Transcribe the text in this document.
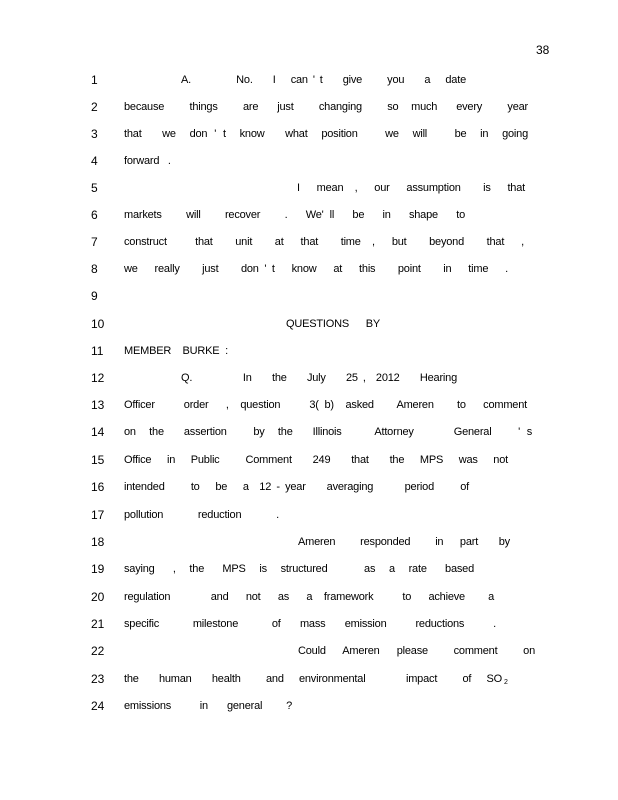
38
1	A.         No.    I   can ' t    give     you    a   date
2	because    things    are   just    changing    so  much   every    year
3	that   we  don ' t  know   what  position    we  will    be  in  going
4	forward   .
5	I   mean  ,   our   assumption    is   that
6	markets    will    recover    .   We' ll   be   in   shape   to
7	construct     that    unit    at   that    time  ,   but    beyond    that   ,
8	we   really    just    don ' t   know   at   this    point    in   time   .
9
10	QUESTIONS     BY
11	MEMBER    BURKE  :
12	Q.          In    the    July    25 ,  2012    Hearing
13	Officer     order   ,  question     3( b)  asked    Ameren    to   comment
14	on  the   assertion    by  the   Illinois     Attorney      General    ' s
15	Office   in   Public     Comment    249    that    the   MPS   was   not
16	intended     to   be   a  12 - year    averaging      period     of
17	pollution      reduction      .
18	Ameren      responded      in    part     by
19	saying    ,   the    MPS   is   structured        as   a   rate    based
20	regulation       and   not   as   a  framework     to   achieve    a
21	specific       milestone       of    mass    emission      reductions      .
22	Could    Ameren    please      comment      on
23	the    human    health     and   environmental        impact     of   SO 2
24	emissions      in    general     ?
